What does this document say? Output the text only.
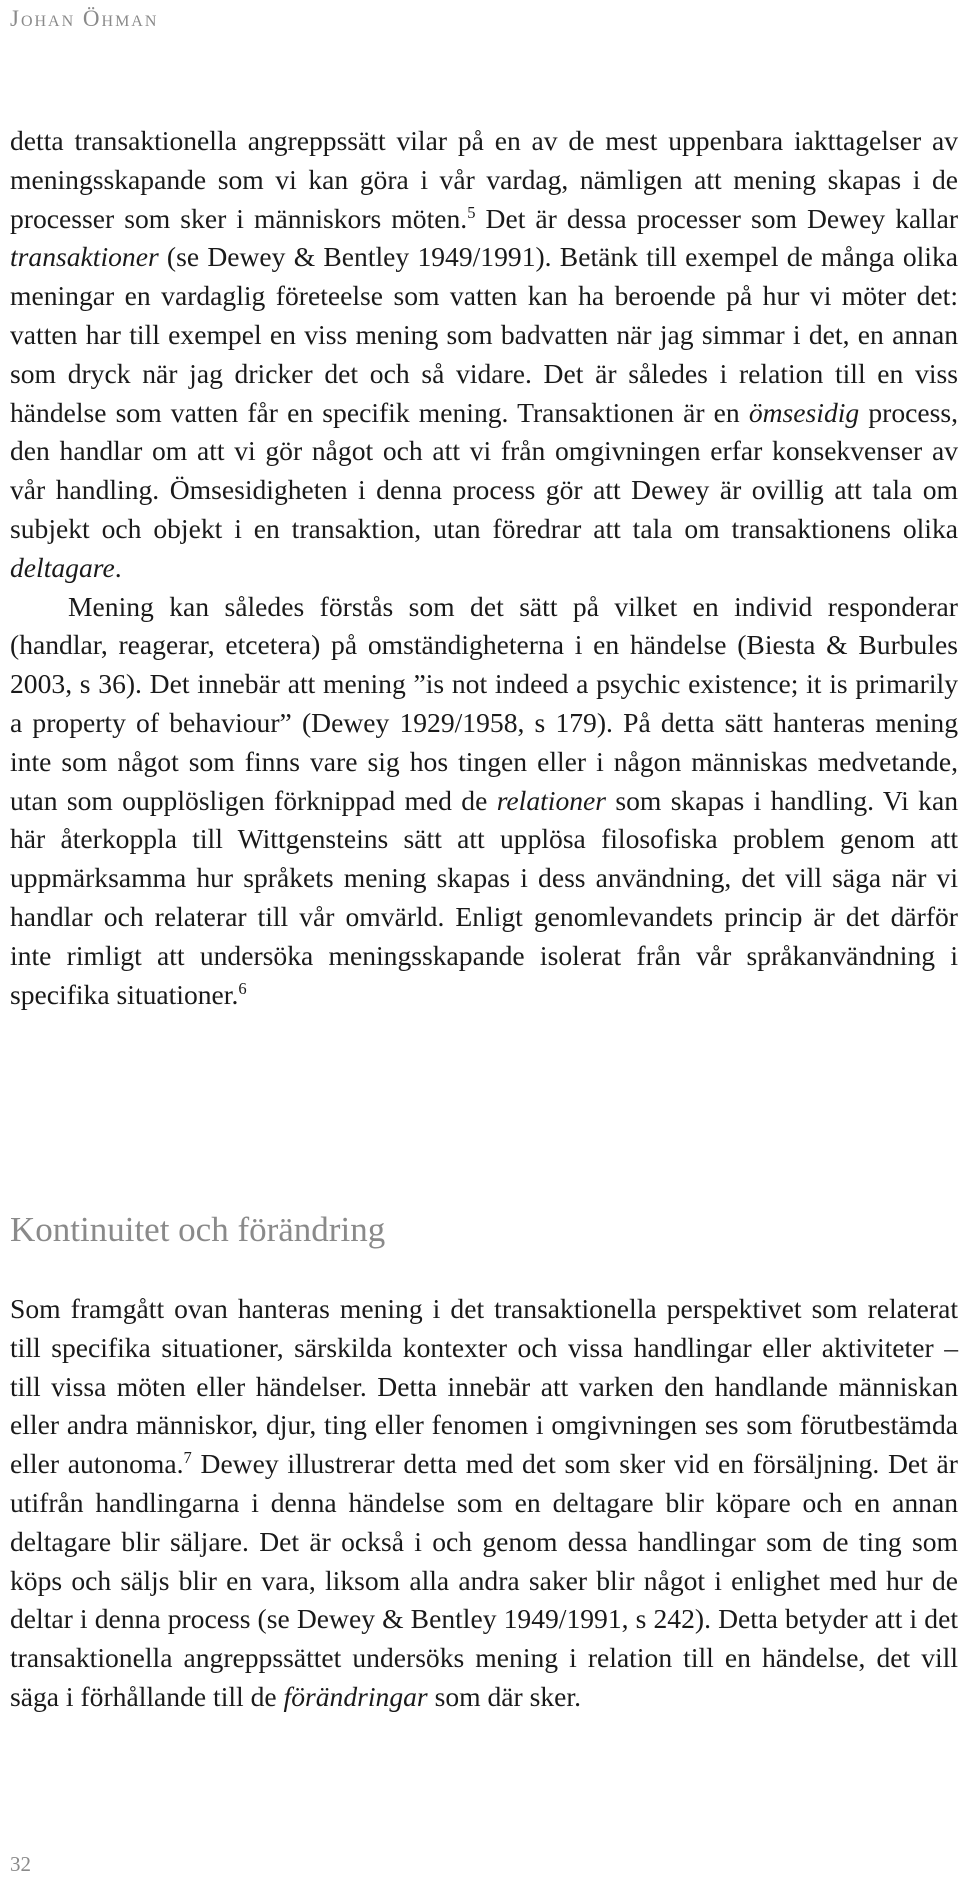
Johan Öhman

detta transaktionella angreppssätt vilar på en av de mest uppenbara iakttagelser av meningsskapande som vi kan göra i vår vardag, nämligen att mening skapas i de processer som sker i människors möten.$^5$ Det är dessa processer som Dewey kallar transaktioner (se Dewey & Bentley 1949/1991). Betänk till exempel de många olika meningar en vardaglig företeelse som vatten kan ha beroende på hur vi möter det: vatten har till exempel en viss mening som badvatten när jag simmar i det, en annan som dryck när jag dricker det och så vidare. Det är således i relation till en viss händelse som vatten får en specifik mening. Transaktionen är en ömsesidig process, den handlar om att vi gör något och att vi från omgivningen erfar konsekvenser av vår handling. Ömsesidigheten i denna process gör att Dewey är ovillig att tala om subjekt och objekt i en transaktion, utan föredrar att tala om transaktionens olika deltagare.

Mening kan således förstås som det sätt på vilket en individ responderar (handlar, reagerar, etcetera) på omständigheterna i en händelse (Biesta & Burbules 2003, s 36). Det innebär att mening ”is not indeed a psychic existence; it is primarily a property of behaviour” (Dewey 1929/1958, s 179). På detta sätt hanteras mening inte som något som finns vare sig hos tingen eller i någon människas medvetande, utan som oupplösligen förknippad med de relationer som skapas i handling. Vi kan här återkoppla till Wittgensteins sätt att upplösa filosofiska problem genom att uppmärksamma hur språkets mening skapas i dess användning, det vill säga när vi handlar och relaterar till vår omvärld. Enligt genomlevandets princip är det därför inte rimligt att undersöka meningsskapande isolerat från vår språkanvändning i specifika situationer.$^6$

Kontinuitet och förändring

Som framgått ovan hanteras mening i det transaktionella perspektivet som relaterat till specifika situationer, särskilda kontexter och vissa handlingar eller aktiviteter – till vissa möten eller händelser. Detta innebär att varken den handlande människan eller andra människor, djur, ting eller fenomen i omgivningen ses som förutbestämda eller autonoma.$^7$ Dewey illustrerar detta med det som sker vid en försäljning. Det är utifrån handlingarna i denna händelse som en deltagare blir köpare och en annan deltagare blir säljare. Det är också i och genom dessa handlingar som de ting som köps och säljs blir en vara, liksom alla andra saker blir något i enlighet med hur de deltar i denna process (se Dewey & Bentley 1949/1991, s 242). Detta betyder att i det transaktionella angreppssättet undersöks mening i relation till en händelse, det vill säga i förhållande till de förändringar som där sker.

32
